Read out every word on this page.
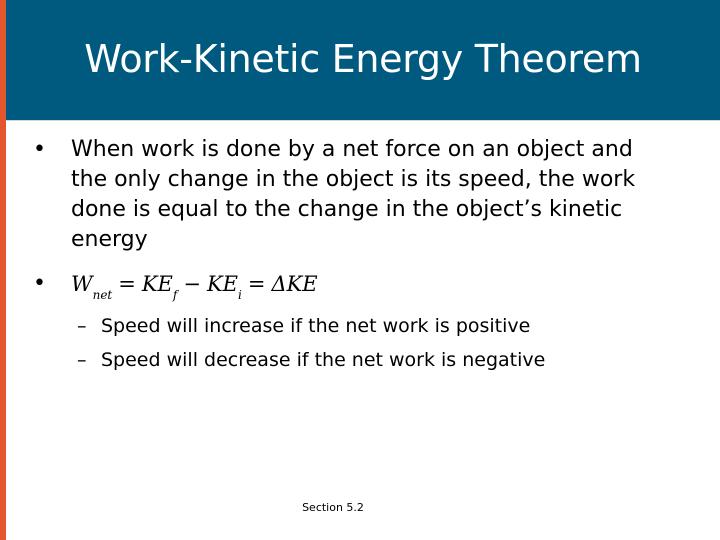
Work-Kinetic Energy Theorem
• When work is done by a net force on an object and the only change in the object is its speed, the work done is equal to the change in the object’s kinetic energy
• $W_{net} = KE_f - KE_i = \Delta KE$
– Speed will increase if the net work is positive
– Speed will decrease if the net work is negative
Section 5.2
